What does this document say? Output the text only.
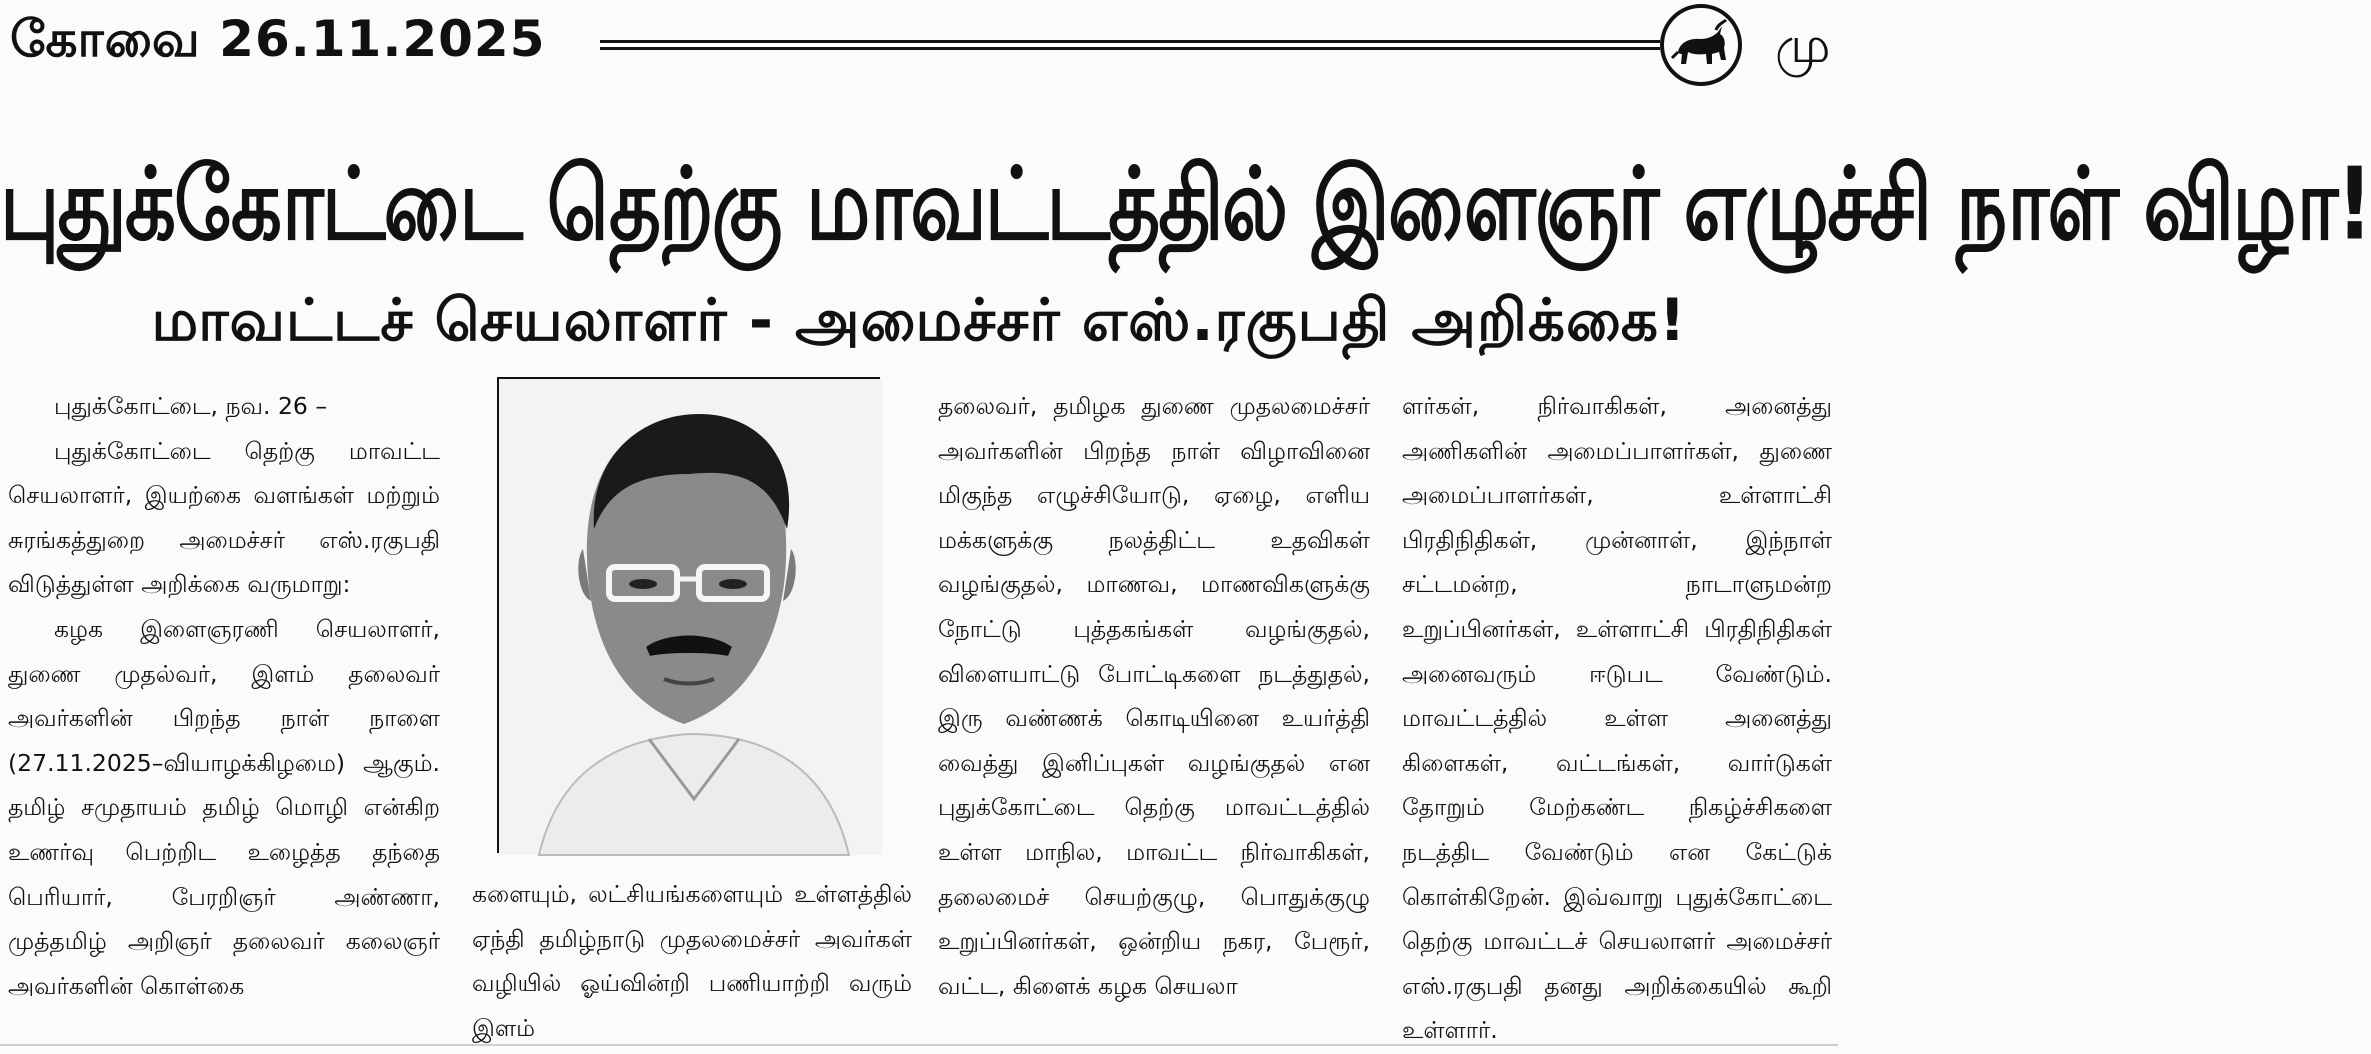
கோவை 26.11.2025	மு
புதுக்கோட்டை தெற்கு மாவட்டத்தில் இளைஞர் எழுச்சி நாள் விழா!
மாவட்டச் செயலாளர் - அமைச்சர் எஸ்.ரகுபதி அறிக்கை!

புதுக்கோட்டை, நவ. 26 –

புதுக்கோட்டை தெற்கு மாவட்ட செயலாளர், இயற்கை வளங்கள் மற்றும் சுரங்கத்துறை அமைச்சர் எஸ்.ரகுபதி விடுத்துள்ள அறிக்கை வருமாறு:

கழக இளைஞரணி செயலாளர், துணை முதல்வர், இளம் தலைவர் அவர்களின் பிறந்த நாள் நாளை (27.11.2025–வியாழக்கிழமை) ஆகும். தமிழ் சமுதாயம் தமிழ் மொழி என்கிற உணர்வு பெற்றிட உழைத்த தந்தை பெரியார், பேரறிஞர் அண்ணா, முத்தமிழ் அறிஞர் தலைவர் கலைஞர் அவர்களின் கொள்கை

களையும், லட்சியங்களையும் உள்ளத்தில் ஏந்தி தமிழ்நாடு முதலமைச்சர் அவர்கள் வழியில் ஓய்வின்றி பணியாற்றி வரும் இளம்

தலைவர், தமிழக துணை முதலமைச்சர் அவர்களின் பிறந்த நாள் விழாவினை மிகுந்த எழுச்சியோடு, ஏழை, எளிய மக்களுக்கு நலத்திட்ட உதவிகள் வழங்குதல், மாணவ, மாணவிகளுக்கு நோட்டு புத்தகங்கள் வழங்குதல், விளையாட்டு போட்டிகளை நடத்துதல், இரு வண்ணக் கொடியினை உயர்த்தி வைத்து இனிப்புகள் வழங்குதல் என புதுக்கோட்டை தெற்கு மாவட்டத்தில் உள்ள மாநில, மாவட்ட நிர்வாகிகள், தலைமைச் செயற்குழு, பொதுக்குழு உறுப்பினர்கள், ஒன்றிய நகர, பேரூர், வட்ட, கிளைக் கழக செயலா

ளர்கள், நிர்வாகிகள், அனைத்து அணிகளின் அமைப்பாளர்கள், துணை அமைப்பாளர்கள், உள்ளாட்சி பிரதிநிதிகள், முன்னாள், இந்நாள் சட்டமன்ற, நாடாளுமன்ற உறுப்பினர்கள், உள்ளாட்சி பிரதிநிதிகள் அனைவரும் ஈடுபட வேண்டும். மாவட்டத்தில் உள்ள அனைத்து கிளைகள், வட்டங்கள், வார்டுகள் தோறும் மேற்கண்ட நிகழ்ச்சிகளை நடத்திட வேண்டும் என கேட்டுக் கொள்கிறேன். இவ்வாறு புதுக்கோட்டை தெற்கு மாவட்டச் செயலாளர் அமைச்சர் எஸ்.ரகுபதி தனது அறிக்கையில் கூறி உள்ளார்.
